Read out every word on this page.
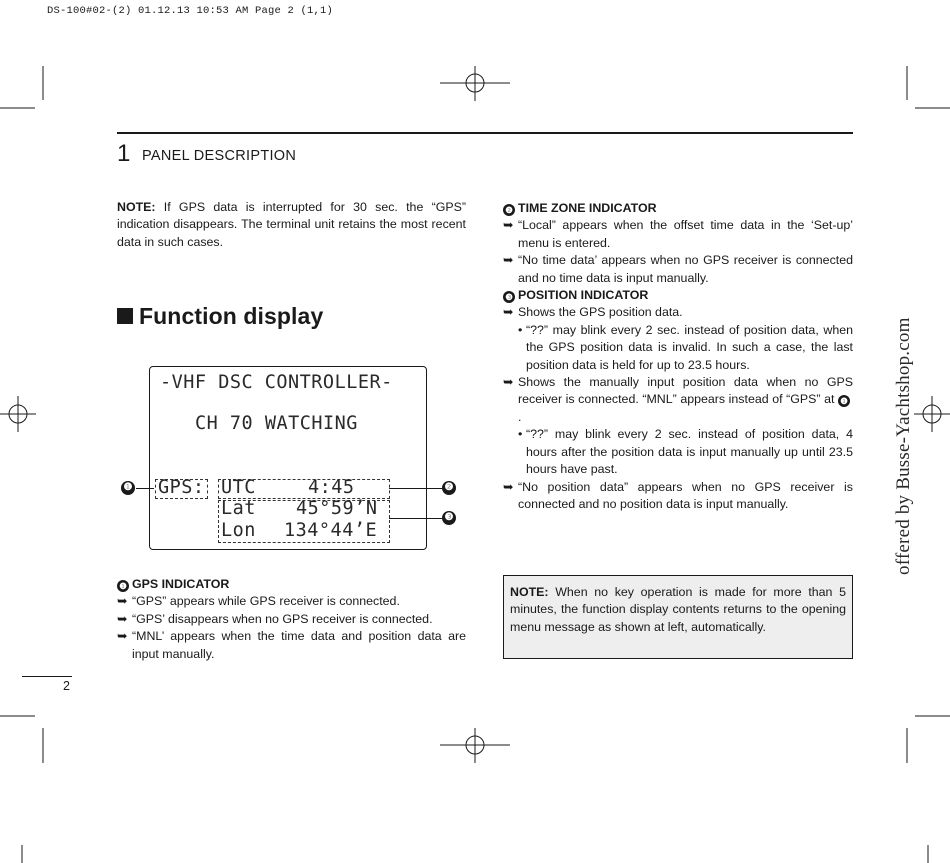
DS-100#02-(2) 01.12.13 10:53 AM Page 2 (1,1)
1 PANEL DESCRIPTION
NOTE: If GPS data is interrupted for 30 sec. the “GPS” indication disappears. The terminal unit retains the most recent data in such cases.
Function display
-VHF DSC CONTROLLER-
CH 70 WATCHING
GPS: UTC	4:45
Lat 45°59’N
Lon 134°44’E
❶	❷
❸
❶ GPS INDICATOR
➥ “GPS” appears while GPS receiver is connected.
➥ “GPS’ disappears when no GPS receiver is connected.
➥ “MNL’ appears when the time data and position data are input manually.
❷ TIME ZONE INDICATOR
➥ “Local” appears when the offset time data in the ‘Set-up’ menu is entered.
➥ “No time data’ appears when no GPS receiver is connected and no time data is input manually.
❸ POSITION INDICATOR
➥ Shows the GPS position data.
• “??” may blink every 2 sec. instead of position data, when the GPS position data is invalid. In such a case, the last position data is held for up to 23.5 hours.
➥ Shows the manually input position data when no GPS receiver is connected. “MNL” appears instead of “GPS” at ❶.
• “??” may blink every 2 sec. instead of position data, 4 hours after the position data is input manually up until 23.5 hours have past.
➥ “No position data” appears when no GPS receiver is connected and no position data is input manually.
NOTE: When no key operation is made for more than 5 minutes, the function display contents returns to the opening menu message as shown at left, automatically.
2
offered by Busse-Yachtshop.com
